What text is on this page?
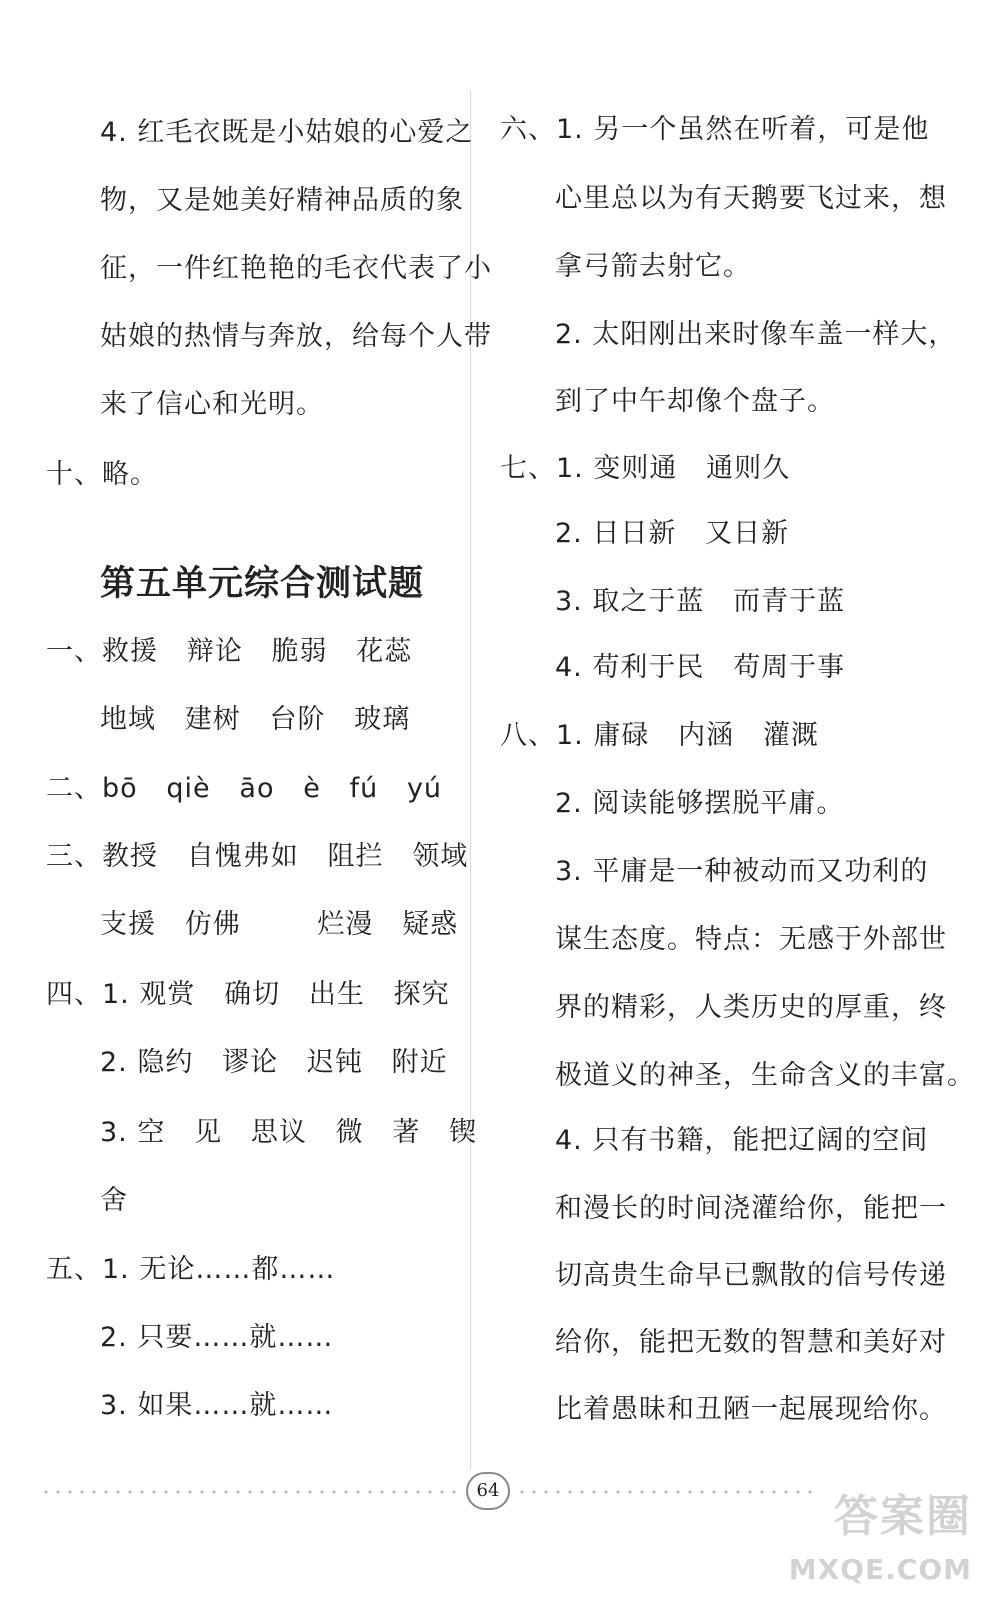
4. 红毛衣既是小姑娘的心爱之
物，又是她美好精神品质的象
征，一件红艳艳的毛衣代表了小
姑娘的热情与奔放，给每个人带
来了信心和光明。
十、略。
第五单元综合测试题
一、救援   辩论   脆弱   花蕊
地域   建树   台阶   玻璃
二、bō   qiè   āo   è   fú   yú
三、教授   自愧弗如   阻拦   领域
支援   仿佛        烂漫   疑惑
四、1. 观赏   确切   出生   探究
2. 隐约   谬论   迟钝   附近
3. 空   见   思议   微   著   锲
舍
五、1. 无论……都……
2. 只要……就……
3. 如果……就……
六、1. 另一个虽然在听着，可是他
心里总以为有天鹅要飞过来，想
拿弓箭去射它。
2. 太阳刚出来时像车盖一样大，
到了中午却像个盘子。
七、1. 变则通   通则久
2. 日日新   又日新
3. 取之于蓝   而青于蓝
4. 苟利于民   苟周于事
八、1. 庸碌   内涵   灌溉
2. 阅读能够摆脱平庸。
3. 平庸是一种被动而又功利的
谋生态度。特点：无感于外部世
界的精彩，人类历史的厚重，终
极道义的神圣，生命含义的丰富。
4. 只有书籍，能把辽阔的空间
和漫长的时间浇灌给你，能把一
切高贵生命早已飘散的信号传递
给你，能把无数的智慧和美好对
比着愚昧和丑陋一起展现给你。
64
答案圈
MXQE.COM
